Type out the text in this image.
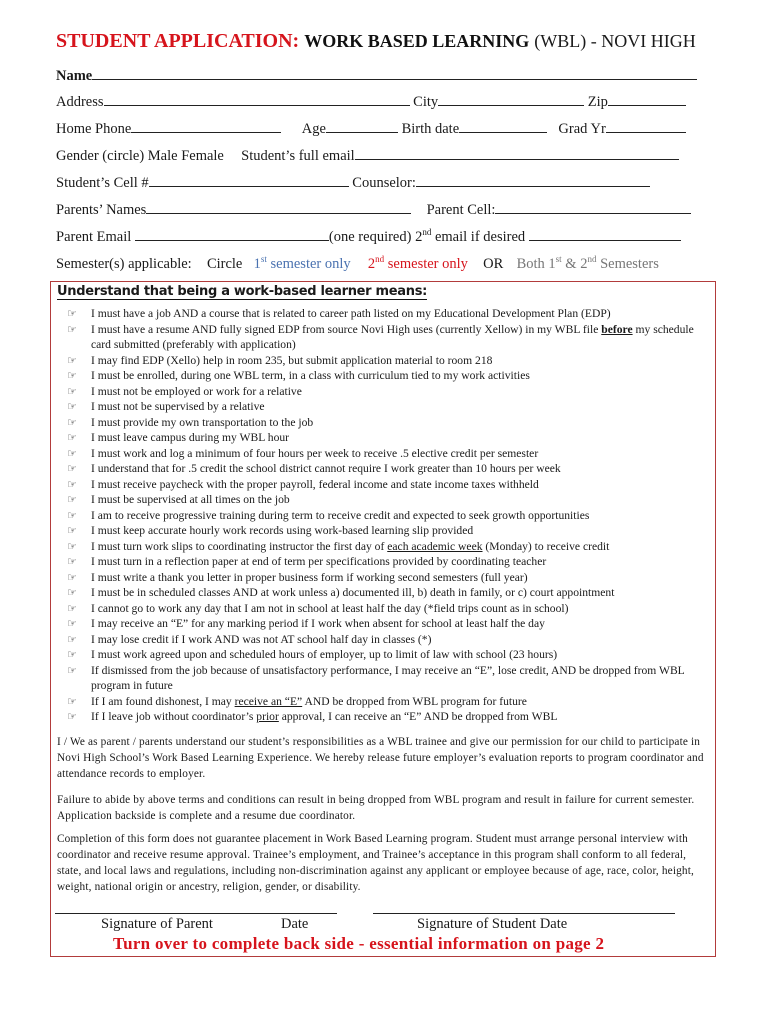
STUDENT APPLICATION: WORK BASED LEARNING (WBL) - NOVI HIGH
Name
Address	City	Zip
Home Phone	Age	Birth date	Grad Yr
Gender (circle) Male Female Student’s full email
Student’s Cell #	Counselor:
Parents’ Names	Parent Cell:
Parent Email	(one required) 2nd email if desired
Semester(s) applicable: Circle 1st semester only 2nd semester only OR Both 1st & 2nd Semesters
Understand that being a work-based learner means:
☞ I must have a job AND a course that is related to career path listed on my Educational Development Plan (EDP)
☞ I must have a resume AND fully signed EDP from source Novi High uses (currently Xellow) in my WBL file before my schedule card submitted (preferably with application)
☞ I may find EDP (Xello) help in room 235, but submit application material to room 218
☞ I must be enrolled, during one WBL term, in a class with curriculum tied to my work activities
☞ I must not be employed or work for a relative
☞ I must not be supervised by a relative
☞ I must provide my own transportation to the job
☞ I must leave campus during my WBL hour
☞ I must work and log a minimum of four hours per week to receive .5 elective credit per semester
☞ I understand that for .5 credit the school district cannot require I work greater than 10 hours per week
☞ I must receive paycheck with the proper payroll, federal income and state income taxes withheld
☞ I must be supervised at all times on the job
☞ I am to receive progressive training during term to receive credit and expected to seek growth opportunities
☞ I must keep accurate hourly work records using work-based learning slip provided
☞ I must turn work slips to coordinating instructor the first day of each academic week (Monday) to receive credit
☞ I must turn in a reflection paper at end of term per specifications provided by coordinating teacher
☞ I must write a thank you letter in proper business form if working second semesters (full year)
☞ I must be in scheduled classes AND at work unless a) documented ill, b) death in family, or c) court appointment
☞ I cannot go to work any day that I am not in school at least half the day (*field trips count as in school)
☞ I may receive an “E” for any marking period if I work when absent for school at least half the day
☞ I may lose credit if I work AND was not AT school half day in classes (*)
☞ I must work agreed upon and scheduled hours of employer, up to limit of law with school (23 hours)
☞ If dismissed from the job because of unsatisfactory performance, I may receive an “E”, lose credit, AND be dropped from WBL program in future
☞ If I am found dishonest, I may receive an “E” AND be dropped from WBL program for future
☞ If I leave job without coordinator’s prior approval, I can receive an “E” AND be dropped from WBL
I / We as parent / parents understand our student’s responsibilities as a WBL trainee and give our permission for our child to participate in Novi High School’s Work Based Learning Experience. We hereby release future employer’s evaluation reports to program coordinator and attendance records to employer.
Failure to abide by above terms and conditions can result in being dropped from WBL program and result in failure for current semester. Application backside is complete and a resume due coordinator.
Completion of this form does not guarantee placement in Work Based Learning program. Student must arrange personal interview with coordinator and receive resume approval. Trainee’s employment, and Trainee’s acceptance in this program shall conform to all federal, state, and local laws and regulations, including non-discrimination against any applicant or employee because of age, race, color, height, weight, national origin or ancestry, religion, gender, or disability.
Signature of Parent	Date	Signature of Student Date
Turn over to complete back side - essential information on page 2
